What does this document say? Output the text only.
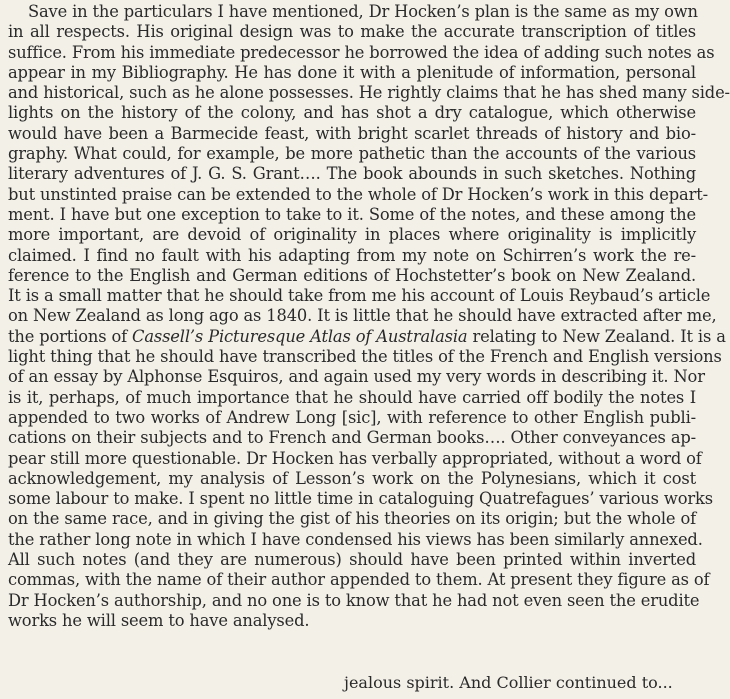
Save in the particulars I have mentioned, Dr Hocken’s plan is the same as my own
in all respects. His original design was to make the accurate transcription of titles
suffice. From his immediate predecessor he borrowed the idea of adding such notes as
appear in my Bibliography. He has done it with a plenitude of information, personal
and historical, such as he alone possesses. He rightly claims that he has shed many side-
lights on the history of the colony, and has shot a dry catalogue, which otherwise
would have been a Barmecide feast, with bright scarlet threads of history and bio-
graphy. What could, for example, be more pathetic than the accounts of the various
literary adventures of J. G. S. Grant…. The book abounds in such sketches. Nothing
but unstinted praise can be extended to the whole of Dr Hocken’s work in this depart-
ment. I have but one exception to take to it. Some of the notes, and these among the
more important, are devoid of originality in places where originality is implicitly
claimed. I find no fault with his adapting from my note on Schirren’s work the re-
ference to the English and German editions of Hochstetter’s book on New Zealand.
It is a small matter that he should take from me his account of Louis Reybaud’s article
on New Zealand as long ago as 1840. It is little that he should have extracted after me,
the portions of Cassell’s Picturesque Atlas of Australasia relating to New Zealand. It is a
light thing that he should have transcribed the titles of the French and English versions
of an essay by Alphonse Esquiros, and again used my very words in describing it. Nor
is it, perhaps, of much importance that he should have carried off bodily the notes I
appended to two works of Andrew Long [sic], with reference to other English publi-
cations on their subjects and to French and German books…. Other conveyances ap-
pear still more questionable. Dr Hocken has verbally appropriated, without a word of
acknowledgement, my analysis of Lesson’s work on the Polynesians, which it cost
some labour to make. I spent no little time in cataloguing Quatrefagues’ various works
on the same race, and in giving the gist of his theories on its origin; but the whole of
the rather long note in which I have condensed his views has been similarly annexed.
All such notes (and they are numerous) should have been printed within inverted
commas, with the name of their author appended to them. At present they figure as of
Dr Hocken’s authorship, and no one is to know that he had not even seen the erudite
works he will seem to have analysed.
jealous spirit. And Collier continued to...
